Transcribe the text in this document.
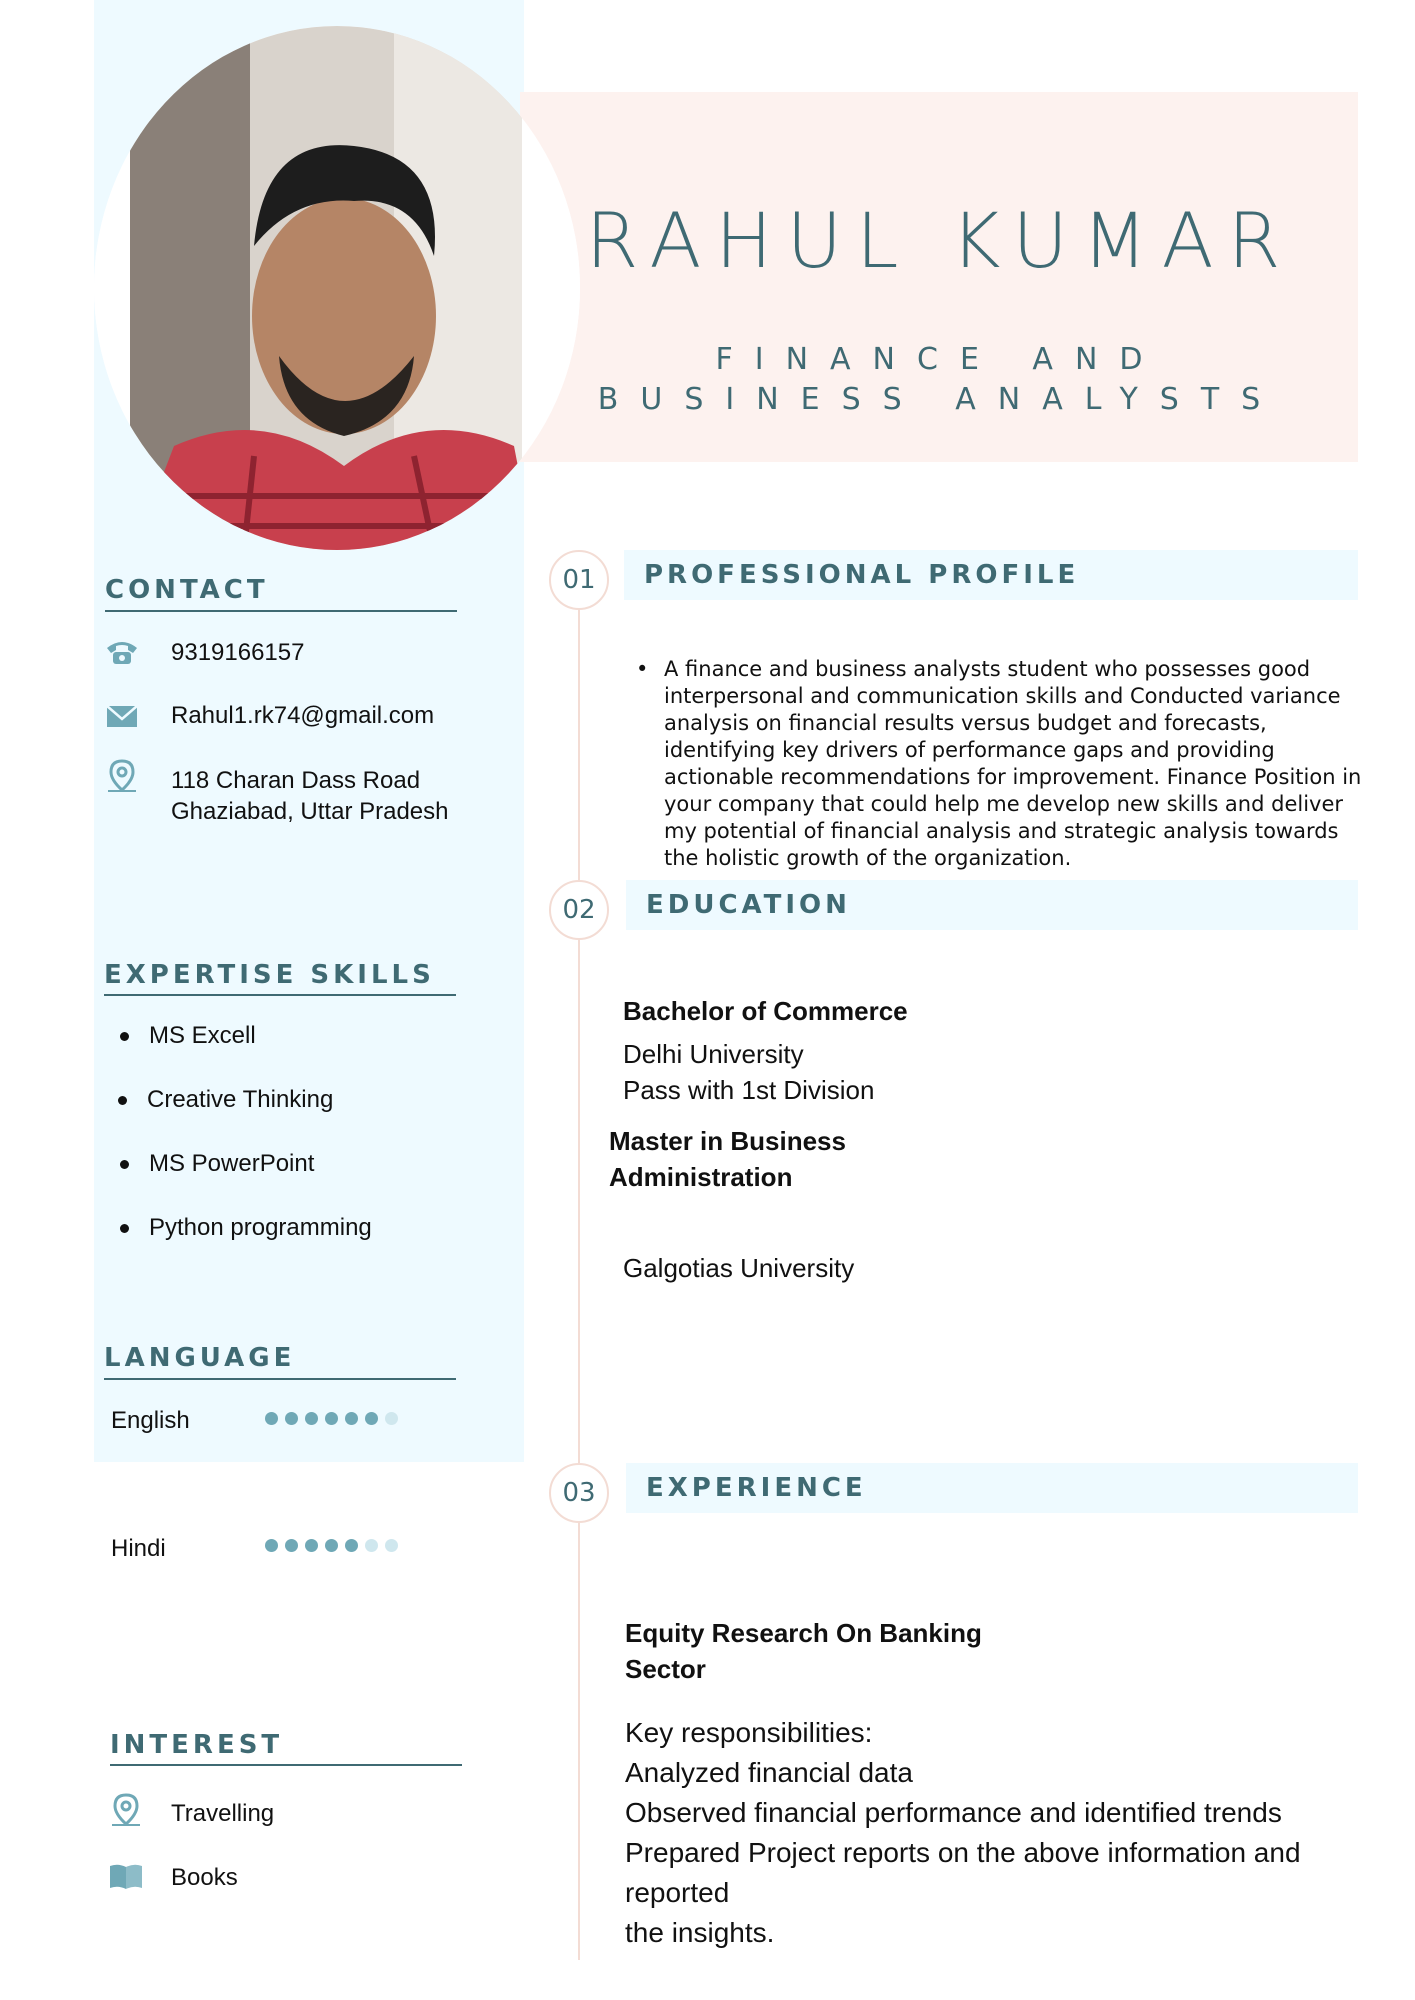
RAHUL KUMAR
FINANCE AND
BUSINESS ANALYSTS
CONTACT
9319166157
Rahul1.rk74@gmail.com
118 Charan Dass Road
Ghaziabad, Uttar Pradesh
EXPERTISE SKILLS
MS Excell
Creative Thinking
MS PowerPoint
Python programming
LANGUAGE
English
Hindi
INTEREST
Travelling
Books
01	PROFESSIONAL PROFILE
• A finance and business analysts student who possesses good
interpersonal and communication skills and Conducted variance
analysis on financial results versus budget and forecasts,
identifying key drivers of performance gaps and providing
actionable recommendations for improvement. Finance Position in
your company that could help me develop new skills and deliver
my potential of financial analysis and strategic analysis towards
the holistic growth of the organization.
02	EDUCATION
Bachelor of Commerce
Delhi University
Pass with 1st Division
Master in Business
Administration
Galgotias University
03	EXPERIENCE
Equity Research On Banking
Sector
Key responsibilities:
Analyzed financial data
Observed financial performance and identified trends
Prepared Project reports on the above information and
reported
the insights.
